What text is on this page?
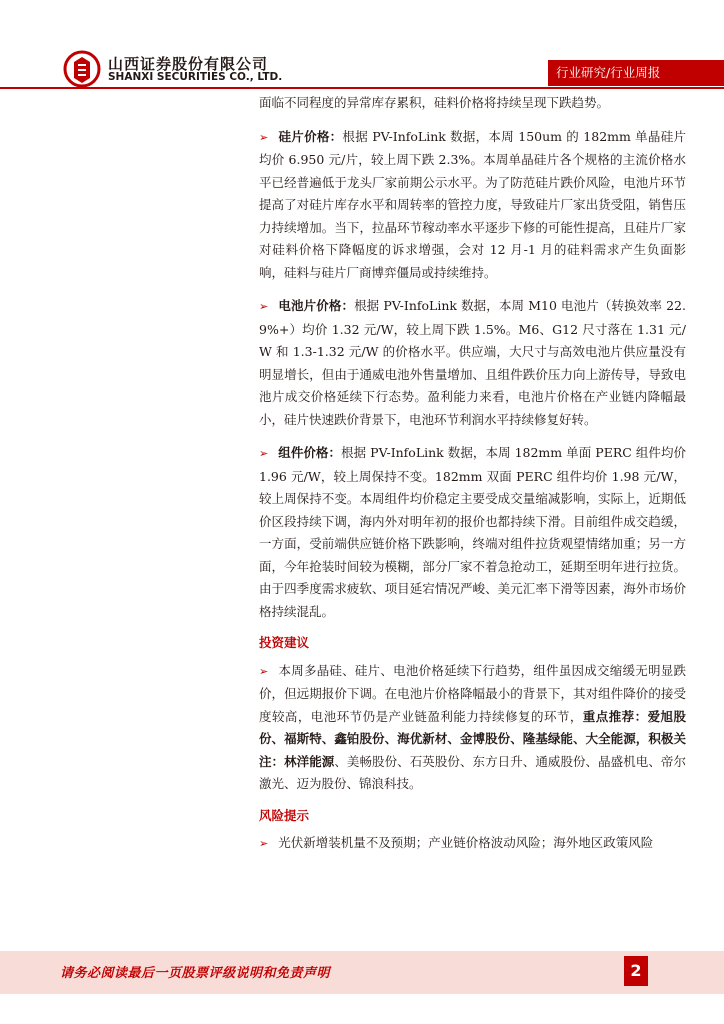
山西证券股份有限公司
SHANXI SECURITIES CO., LTD.	行业研究/行业周报

面临不同程度的异常库存累积，硅料价格将持续呈现下跌趋势。

➢ 硅片价格：根据 PV-InfoLink 数据，本周 150um 的 182mm 单晶硅片均价 6.950 元/片，较上周下跌 2.3%。本周单晶硅片各个规格的主流价格水平已经普遍低于龙头厂家前期公示水平。为了防范硅片跌价风险，电池片环节提高了对硅片库存水平和周转率的管控力度，导致硅片厂家出货受阻，销售压力持续增加。当下，拉晶环节稼动率水平逐步下修的可能性提高，且硅片厂家对硅料价格下降幅度的诉求增强，会对 12 月-1 月的硅料需求产生负面影响，硅料与硅片厂商博弈僵局或持续维持。

➢ 电池片价格：根据 PV-InfoLink 数据，本周 M10 电池片（转换效率 22.9%+）均价 1.32 元/W，较上周下跌 1.5%。M6、G12 尺寸落在 1.31 元/W 和 1.3-1.32 元/W 的价格水平。供应端，大尺寸与高效电池片供应量没有明显增长，但由于通威电池外售量增加、且组件跌价压力向上游传导，导致电池片成交价格延续下行态势。盈利能力来看，电池片价格在产业链内降幅最小，硅片快速跌价背景下，电池环节利润水平持续修复好转。

➢ 组件价格：根据 PV-InfoLink 数据，本周 182mm 单面 PERC 组件均价 1.96 元/W，较上周保持不变。182mm 双面 PERC 组件均价 1.98 元/W，较上周保持不变。本周组件均价稳定主要受成交量缩减影响，实际上，近期低价区段持续下调，海内外对明年初的报价也都持续下滑。目前组件成交趋缓，一方面，受前端供应链价格下跌影响，终端对组件拉货观望情绪加重；另一方面，今年抢装时间较为模糊，部分厂家不着急抢动工，延期至明年进行拉货。由于四季度需求疲软、项目延宕情况严峻、美元汇率下滑等因素，海外市场价格持续混乱。

投资建议

➢ 本周多晶硅、硅片、电池价格延续下行趋势，组件虽因成交缩缓无明显跌价，但远期报价下调。在电池片价格降幅最小的背景下，其对组件降价的接受度较高，电池环节仍是产业链盈利能力持续修复的环节，重点推荐：爱旭股份、福斯特、鑫铂股份、海优新材、金博股份、隆基绿能、大全能源，积极关注：林洋能源、美畅股份、石英股份、东方日升、通威股份、晶盛机电、帝尔激光、迈为股份、锦浪科技。

风险提示

➢ 光伏新增装机量不及预期；产业链价格波动风险；海外地区政策风险

请务必阅读最后一页股票评级说明和免责声明	2
